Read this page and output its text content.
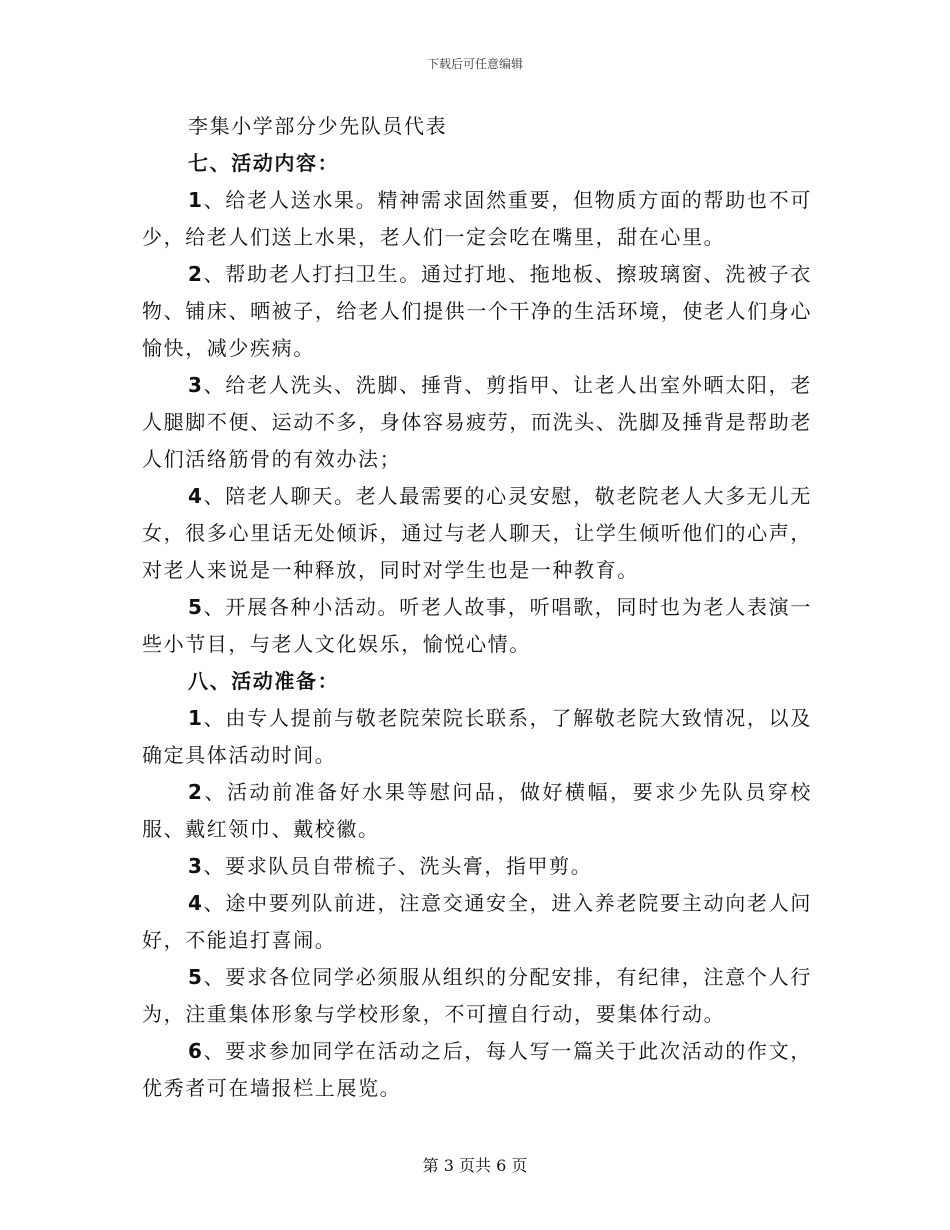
下载后可任意编辑

李集小学部分少先队员代表

七、活动内容：

1、给老人送水果。精神需求固然重要，但物质方面的帮助也不可少，给老人们送上水果，老人们一定会吃在嘴里，甜在心里。

2、帮助老人打扫卫生。通过打地、拖地板、擦玻璃窗、洗被子衣物、铺床、晒被子，给老人们提供一个干净的生活环境，使老人们身心愉快，减少疾病。

3、给老人洗头、洗脚、捶背、剪指甲、让老人出室外晒太阳，老人腿脚不便、运动不多，身体容易疲劳，而洗头、洗脚及捶背是帮助老人们活络筋骨的有效办法；

4、陪老人聊天。老人最需要的心灵安慰，敬老院老人大多无儿无女，很多心里话无处倾诉，通过与老人聊天，让学生倾听他们的心声，对老人来说是一种释放，同时对学生也是一种教育。

5、开展各种小活动。听老人故事，听唱歌，同时也为老人表演一些小节目，与老人文化娱乐，愉悦心情。

八、活动准备：

1、由专人提前与敬老院荣院长联系，了解敬老院大致情况，以及确定具体活动时间。

2、活动前准备好水果等慰问品，做好横幅，要求少先队员穿校服、戴红领巾、戴校徽。

3、要求队员自带梳子、洗头膏，指甲剪。

4、途中要列队前进，注意交通安全，进入养老院要主动向老人问好，不能追打喜闹。

5、要求各位同学必须服从组织的分配安排，有纪律，注意个人行为，注重集体形象与学校形象，不可擅自行动，要集体行动。

6、要求参加同学在活动之后，每人写一篇关于此次活动的作文，优秀者可在墙报栏上展览。

第 3 页共 6 页
